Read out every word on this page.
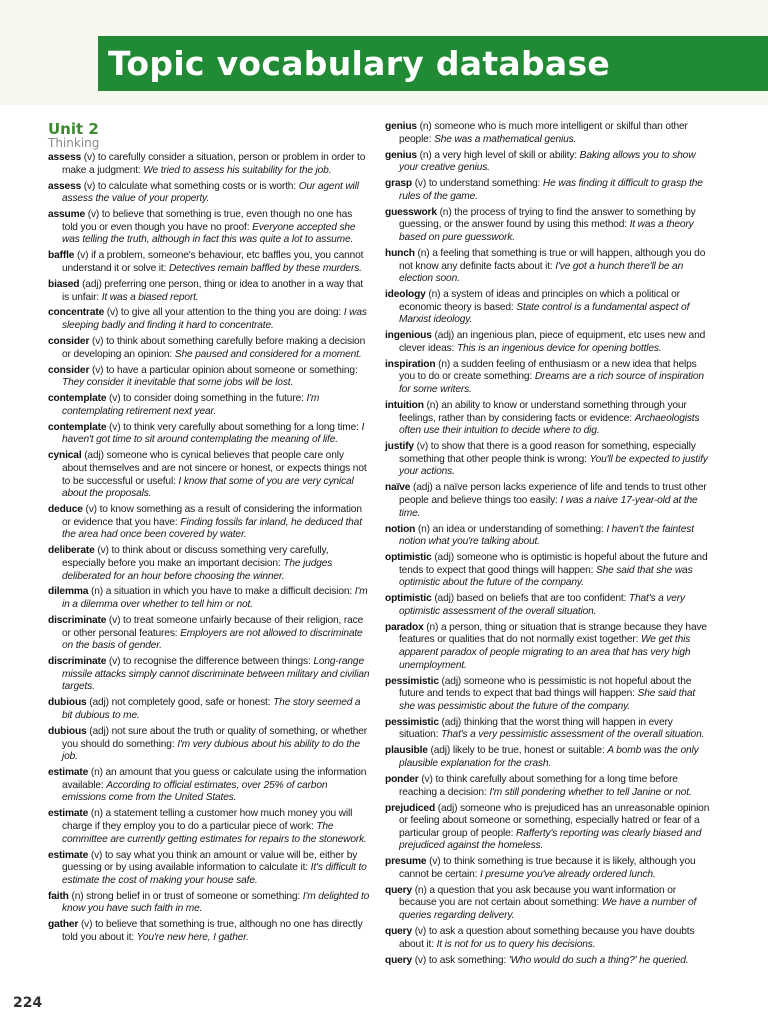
Topic vocabulary database
Unit 2
Thinking
assess (v) to carefully consider a situation, person or problem in order to make a judgment: We tried to assess his suitability for the job.
assess (v) to calculate what something costs or is worth: Our agent will assess the value of your property.
assume (v) to believe that something is true, even though no one has told you or even though you have no proof: Everyone accepted she was telling the truth, although in fact this was quite a lot to assume.
baffle (v) if a problem, someone's behaviour, etc baffles you, you cannot understand it or solve it: Detectives remain baffled by these murders.
biased (adj) preferring one person, thing or idea to another in a way that is unfair: It was a biased report.
concentrate (v) to give all your attention to the thing you are doing: I was sleeping badly and finding it hard to concentrate.
consider (v) to think about something carefully before making a decision or developing an opinion: She paused and considered for a moment.
consider (v) to have a particular opinion about someone or something: They consider it inevitable that some jobs will be lost.
contemplate (v) to consider doing something in the future: I'm contemplating retirement next year.
contemplate (v) to think very carefully about something for a long time: I haven't got time to sit around contemplating the meaning of life.
cynical (adj) someone who is cynical believes that people care only about themselves and are not sincere or honest, or expects things not to be successful or useful: I know that some of you are very cynical about the proposals.
deduce (v) to know something as a result of considering the information or evidence that you have: Finding fossils far inland, he deduced that the area had once been covered by water.
deliberate (v) to think about or discuss something very carefully, especially before you make an important decision: The judges deliberated for an hour before choosing the winner.
dilemma (n) a situation in which you have to make a difficult decision: I'm in a dilemma over whether to tell him or not.
discriminate (v) to treat someone unfairly because of their religion, race or other personal features: Employers are not allowed to discriminate on the basis of gender.
discriminate (v) to recognise the difference between things: Long-range missile attacks simply cannot discriminate between military and civilian targets.
dubious (adj) not completely good, safe or honest: The story seemed a bit dubious to me.
dubious (adj) not sure about the truth or quality of something, or whether you should do something: I'm very dubious about his ability to do the job.
estimate (n) an amount that you guess or calculate using the information available: According to official estimates, over 25% of carbon emissions come from the United States.
estimate (n) a statement telling a customer how much money you will charge if they employ you to do a particular piece of work: The committee are currently getting estimates for repairs to the stonework.
estimate (v) to say what you think an amount or value will be, either by guessing or by using available information to calculate it: It's difficult to estimate the cost of making your house safe.
faith (n) strong belief in or trust of someone or something: I'm delighted to know you have such faith in me.
gather (v) to believe that something is true, although no one has directly told you about it: You're new here, I gather.
genius (n) someone who is much more intelligent or skilful than other people: She was a mathematical genius.
genius (n) a very high level of skill or ability: Baking allows you to show your creative genius.
grasp (v) to understand something: He was finding it difficult to grasp the rules of the game.
guesswork (n) the process of trying to find the answer to something by guessing, or the answer found by using this method: It was a theory based on pure guesswork.
hunch (n) a feeling that something is true or will happen, although you do not know any definite facts about it: I've got a hunch there'll be an election soon.
ideology (n) a system of ideas and principles on which a political or economic theory is based: State control is a fundamental aspect of Marxist ideology.
ingenious (adj) an ingenious plan, piece of equipment, etc uses new and clever ideas: This is an ingenious device for opening bottles.
inspiration (n) a sudden feeling of enthusiasm or a new idea that helps you to do or create something: Dreams are a rich source of inspiration for some writers.
intuition (n) an ability to know or understand something through your feelings, rather than by considering facts or evidence: Archaeologists often use their intuition to decide where to dig.
justify (v) to show that there is a good reason for something, especially something that other people think is wrong: You'll be expected to justify your actions.
naïve (adj) a naïve person lacks experience of life and tends to trust other people and believe things too easily: I was a naive 17-year-old at the time.
notion (n) an idea or understanding of something: I haven't the faintest notion what you're talking about.
optimistic (adj) someone who is optimistic is hopeful about the future and tends to expect that good things will happen: She said that she was optimistic about the future of the company.
optimistic (adj) based on beliefs that are too confident: That's a very optimistic assessment of the overall situation.
paradox (n) a person, thing or situation that is strange because they have features or qualities that do not normally exist together: We get this apparent paradox of people migrating to an area that has very high unemployment.
pessimistic (adj) someone who is pessimistic is not hopeful about the future and tends to expect that bad things will happen: She said that she was pessimistic about the future of the company.
pessimistic (adj) thinking that the worst thing will happen in every situation: That's a very pessimistic assessment of the overall situation.
plausible (adj) likely to be true, honest or suitable: A bomb was the only plausible explanation for the crash.
ponder (v) to think carefully about something for a long time before reaching a decision: I'm still pondering whether to tell Janine or not.
prejudiced (adj) someone who is prejudiced has an unreasonable opinion or feeling about someone or something, especially hatred or fear of a particular group of people: Rafferty's reporting was clearly biased and prejudiced against the homeless.
presume (v) to think something is true because it is likely, although you cannot be certain: I presume you've already ordered lunch.
query (n) a question that you ask because you want information or because you are not certain about something: We have a number of queries regarding delivery.
query (v) to ask a question about something because you have doubts about it: It is not for us to query his decisions.
query (v) to ask something: 'Who would do such a thing?' he queried.
224
